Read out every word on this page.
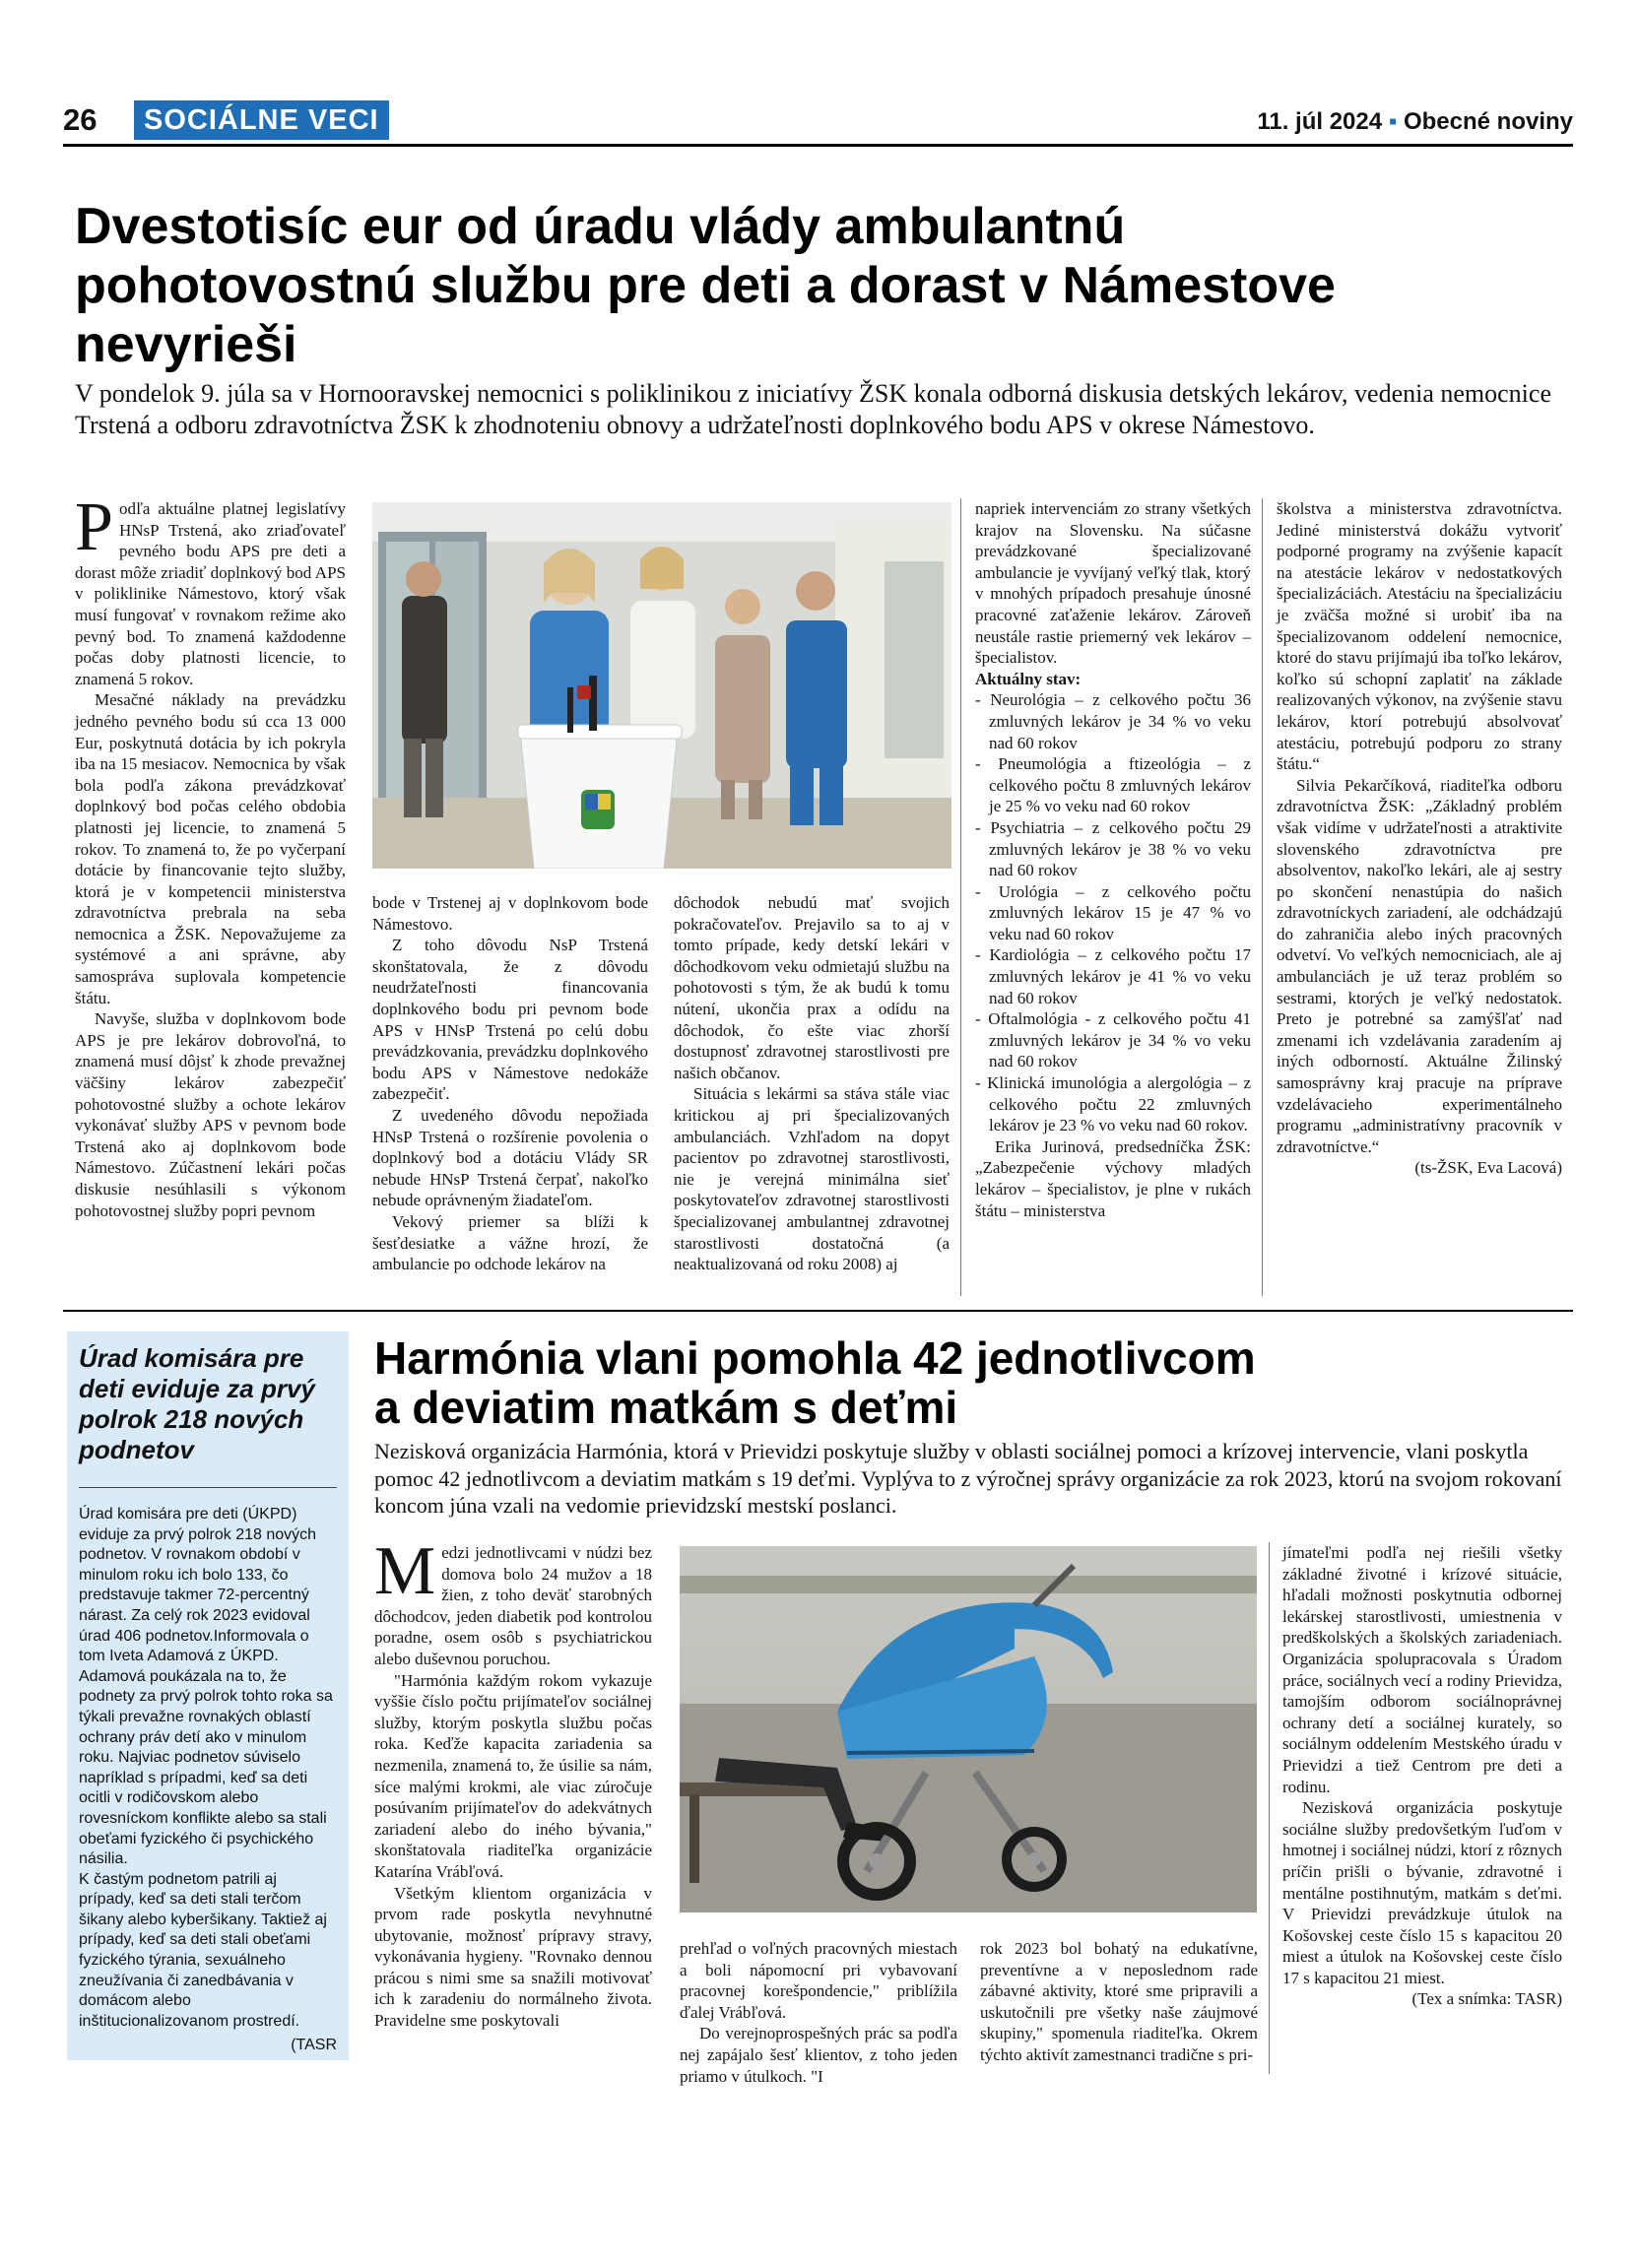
26 SOCIÁLNE VECI	11. júl 2024 ▪ Obecné noviny
Dvestotisíc eur od úradu vlády ambulantnú
pohotovostnú službu pre deti a dorast v Námestove
nevyrieši
V pondelok 9. júla sa v Hornooravskej nemocnici s poliklinikou z iniciatívy ŽSK konala odborná diskusia detských lekárov, vedenia nemocnice Trstená a odboru zdravotníctva ŽSK k zhodnoteniu obnovy a udržateľnosti doplnkového bodu APS v okrese Námestovo.

Podľa aktuálne platnej legislatívy HNsP Trstená, ako zriaďovateľ pevného bodu APS pre deti a dorast môže zriadiť doplnkový bod APS v poliklinike Námestovo, ktorý však musí fungovať v rovnakom režime ako pevný bod. To znamená každodenne počas doby platnosti licencie, to znamená 5 rokov.

Mesačné náklady na prevádzku jedného pevného bodu sú cca 13 000 Eur, poskytnutá dotácia by ich pokryla iba na 15 mesiacov. Nemocnica by však bola podľa zákona prevádzkovať doplnkový bod počas celého obdobia platnosti jej licencie, to znamená 5 rokov. To znamená to, že po vyčerpaní dotácie by financovanie tejto služby, ktorá je v kompetencii ministerstva zdravotníctva prebrala na seba nemocnica a ŽSK. Nepovažujeme za systémové a ani správne, aby samospráva suplovala kompetencie štátu.

Navyše, služba v doplnkovom bode APS je pre lekárov dobrovoľná, to znamená musí dôjsť k zhode prevažnej väčšiny lekárov zabezpečiť pohotovostné služby a ochote lekárov vykonávať služby APS v pevnom bode Trstená ako aj doplnkovom bode Námestovo. Zúčastnení lekári počas diskusie nesúhlasili s výkonom pohotovostnej služby popri pevnom

bode v Trstenej aj v doplnkovom bode Námestovo.

Z toho dôvodu NsP Trstená skonštatovala, že z dôvodu neudržateľnosti financovania doplnkového bodu pri pevnom bode APS v HNsP Trstená po celú dobu prevádzkovania, prevádzku doplnkového bodu APS v Námestove nedokáže zabezpečiť.

Z uvedeného dôvodu nepožiada HNsP Trstená o rozšírenie povolenia o doplnkový bod a dotáciu Vlády SR nebude HNsP Trstená čerpať, nakoľko nebude oprávneným žiadateľom.

Vekový priemer sa blíži k šesťdesiatke a vážne hrozí, že ambulancie po odchode lekárov na

dôchodok nebudú mať svojich pokračovateľov. Prejavilo sa to aj v tomto prípade, kedy detskí lekári v dôchodkovom veku odmietajú službu na pohotovosti s tým, že ak budú k tomu nútení, ukončia prax a odídu na dôchodok, čo ešte viac zhorší dostupnosť zdravotnej starostlivosti pre našich občanov.

Situácia s lekármi sa stáva stále viac kritickou aj pri špecializovaných ambulanciách. Vzhľadom na dopyt pacientov po zdravotnej starostlivosti, nie je verejná minimálna sieť poskytovateľov zdravotnej starostlivosti špecializovanej ambulantnej zdravotnej starostlivosti dostatočná (a neaktualizovaná od roku 2008) aj

napriek intervenciám zo strany všetkých krajov na Slovensku. Na súčasne prevádzkované špecializované ambulancie je vyvíjaný veľký tlak, ktorý v mnohých prípadoch presahuje únosné pracovné zaťaženie lekárov. Zároveň neustále rastie priemerný vek lekárov – špecialistov.

Aktuálny stav:

- Neurológia – z celkového počtu 36 zmluvných lekárov je 34 % vo veku nad 60 rokov
- Pneumológia a ftizeológia – z celkového počtu 8 zmluvných lekárov je 25 % vo veku nad 60 rokov
- Psychiatria – z celkového počtu 29 zmluvných lekárov je 38 % vo veku nad 60 rokov
- Urológia – z celkového počtu zmluvných lekárov 15 je 47 % vo veku nad 60 rokov
- Kardiológia – z celkového počtu 17 zmluvných lekárov je 41 % vo veku nad 60 rokov
- Oftalmológia - z celkového počtu 41 zmluvných lekárov je 34 % vo veku nad 60 rokov
- Klinická imunológia a alergológia – z celkového počtu 22 zmluvných lekárov je 23 % vo veku nad 60 rokov.

Erika Jurinová, predsedníčka ŽSK: „Zabezpečenie výchovy mladých lekárov – špecialistov, je plne v rukách štátu – ministerstva

školstva a ministerstva zdravotníctva. Jediné ministerstvá dokážu vytvoriť podporné programy na zvýšenie kapacít na atestácie lekárov v nedostatkových špecializáciách. Atestáciu na špecializáciu je zväčša možné si urobiť iba na špecializovanom oddelení nemocnice, ktoré do stavu prijímajú iba toľko lekárov, koľko sú schopní zaplatiť na základe realizovaných výkonov, na zvýšenie stavu lekárov, ktorí potrebujú absolvovať atestáciu, potrebujú podporu zo strany štátu.“

Silvia Pekarčíková, riaditeľka odboru zdravotníctva ŽSK: „Základný problém však vidíme v udržateľnosti a atraktivite slovenského zdravotníctva pre absolventov, nakoľko lekári, ale aj sestry po skončení nenastúpia do našich zdravotníckych zariadení, ale odchádzajú do zahraničia alebo iných pracovných odvetví. Vo veľkých nemocniciach, ale aj ambulanciách je už teraz problém so sestrami, ktorých je veľký nedostatok. Preto je potrebné sa zamýšľať nad zmenami ich vzdelávania zaradením aj iných odborností. Aktuálne Žilinský samosprávny kraj pracuje na príprave vzdelávacieho experimentálneho programu „administratívny pracovník v zdravotníctve.“

(ts-ŽSK, Eva Lacová)
Úrad komisára pre deti eviduje za prvý polrok 218 nových podnetov
Úrad komisára pre deti (ÚKPD) eviduje za prvý polrok 218 nových podnetov. V rovnakom období v minulom roku ich bolo 133, čo predstavuje takmer 72-percentný nárast. Za celý rok 2023 evidoval úrad 406 podnetov.Informovala o tom Iveta Adamová z ÚKPD. Adamová poukázala na to, že podnety za prvý polrok tohto roka sa týkali prevažne rovnakých oblastí ochrany práv detí ako v minulom roku. Najviac podnetov súviselo napríklad s prípadmi, keď sa deti ocitli v rodičovskom alebo rovesníckom konflikte alebo sa stali obeťami fyzického či psychického násilia.
K častým podnetom patrili aj prípady, keď sa deti stali terčom šikany alebo kyberšikany. Taktiež aj prípady, keď sa deti stali obeťami fyzického týrania, sexuálneho zneužívania či zanedbávania v domácom alebo inštitucionalizovanom prostredí.
(TASR
Harmónia vlani pomohla 42 jednotlivcom
a deviatim matkám s deťmi
Nezisková organizácia Harmónia, ktorá v Prievidzi poskytuje služby v oblasti sociálnej pomoci a krízovej intervencie, vlani poskytla pomoc 42 jednotlivcom a deviatim matkám s 19 deťmi. Vyplýva to z výročnej správy organizácie za rok 2023, ktorú na svojom rokovaní koncom júna vzali na vedomie prievidzskí mestskí poslanci.

Medzi jednotlivcami v núdzi bez domova bolo 24 mužov a 18 žien, z toho deväť starobných dôchodcov, jeden diabetik pod kontrolou poradne, osem osôb s psychiatrickou alebo duševnou poruchou.

"Harmónia každým rokom vykazuje vyššie číslo počtu prijímateľov sociálnej služby, ktorým poskytla službu počas roka. Keďže kapacita zariadenia sa nezmenila, znamená to, že úsilie sa nám, síce malými krokmi, ale viac zúročuje posúvaním prijímateľov do adekvátnych zariadení alebo do iného bývania," skonštatovala riaditeľka organizácie Katarína Vrábľová.

Všetkým klientom organizácia v prvom rade poskytla nevyhnutné ubytovanie, možnosť prípravy stravy, vykonávania hygieny. "Rovnako dennou prácou s nimi sme sa snažili motivovať ich k zaradeniu do normálneho života. Pravidelne sme poskytovali

prehľad o voľných pracovných miestach a boli nápomocní pri vybavovaní pracovnej korešpondencie," priblížila ďalej Vrábľová.

Do verejnoprospešných prác sa podľa nej zapájalo šesť klientov, z toho jeden priamo v útulkoch. "I

rok 2023 bol bohatý na edukatívne, preventívne a v neposlednom rade zábavné aktivity, ktoré sme pripravili a uskutočnili pre všetky naše záujmové skupiny," spomenula riaditeľka. Okrem týchto aktivít zamestnanci tradične s pri-

jímateľmi podľa nej riešili všetky základné životné i krízové situácie, hľadali možnosti poskytnutia odbornej lekárskej starostlivosti, umiestnenia v predškolských a školských zariadeniach. Organizácia spolupracovala s Úradom práce, sociálnych vecí a rodiny Prievidza, tamojším odborom sociálnoprávnej ochrany detí a sociálnej kurately, so sociálnym oddelením Mestského úradu v Prievidzi a tiež Centrom pre deti a rodinu.

Nezisková organizácia poskytuje sociálne služby predovšetkým ľuďom v hmotnej i sociálnej núdzi, ktorí z rôznych príčin prišli o bývanie, zdravotné i mentálne postihnutým, matkám s deťmi. V Prievidzi prevádzkuje útulok na Košovskej ceste číslo 15 s kapacitou 20 miest a útulok na Košovskej ceste číslo 17 s kapacitou 21 miest.

(Tex a snímka: TASR)
